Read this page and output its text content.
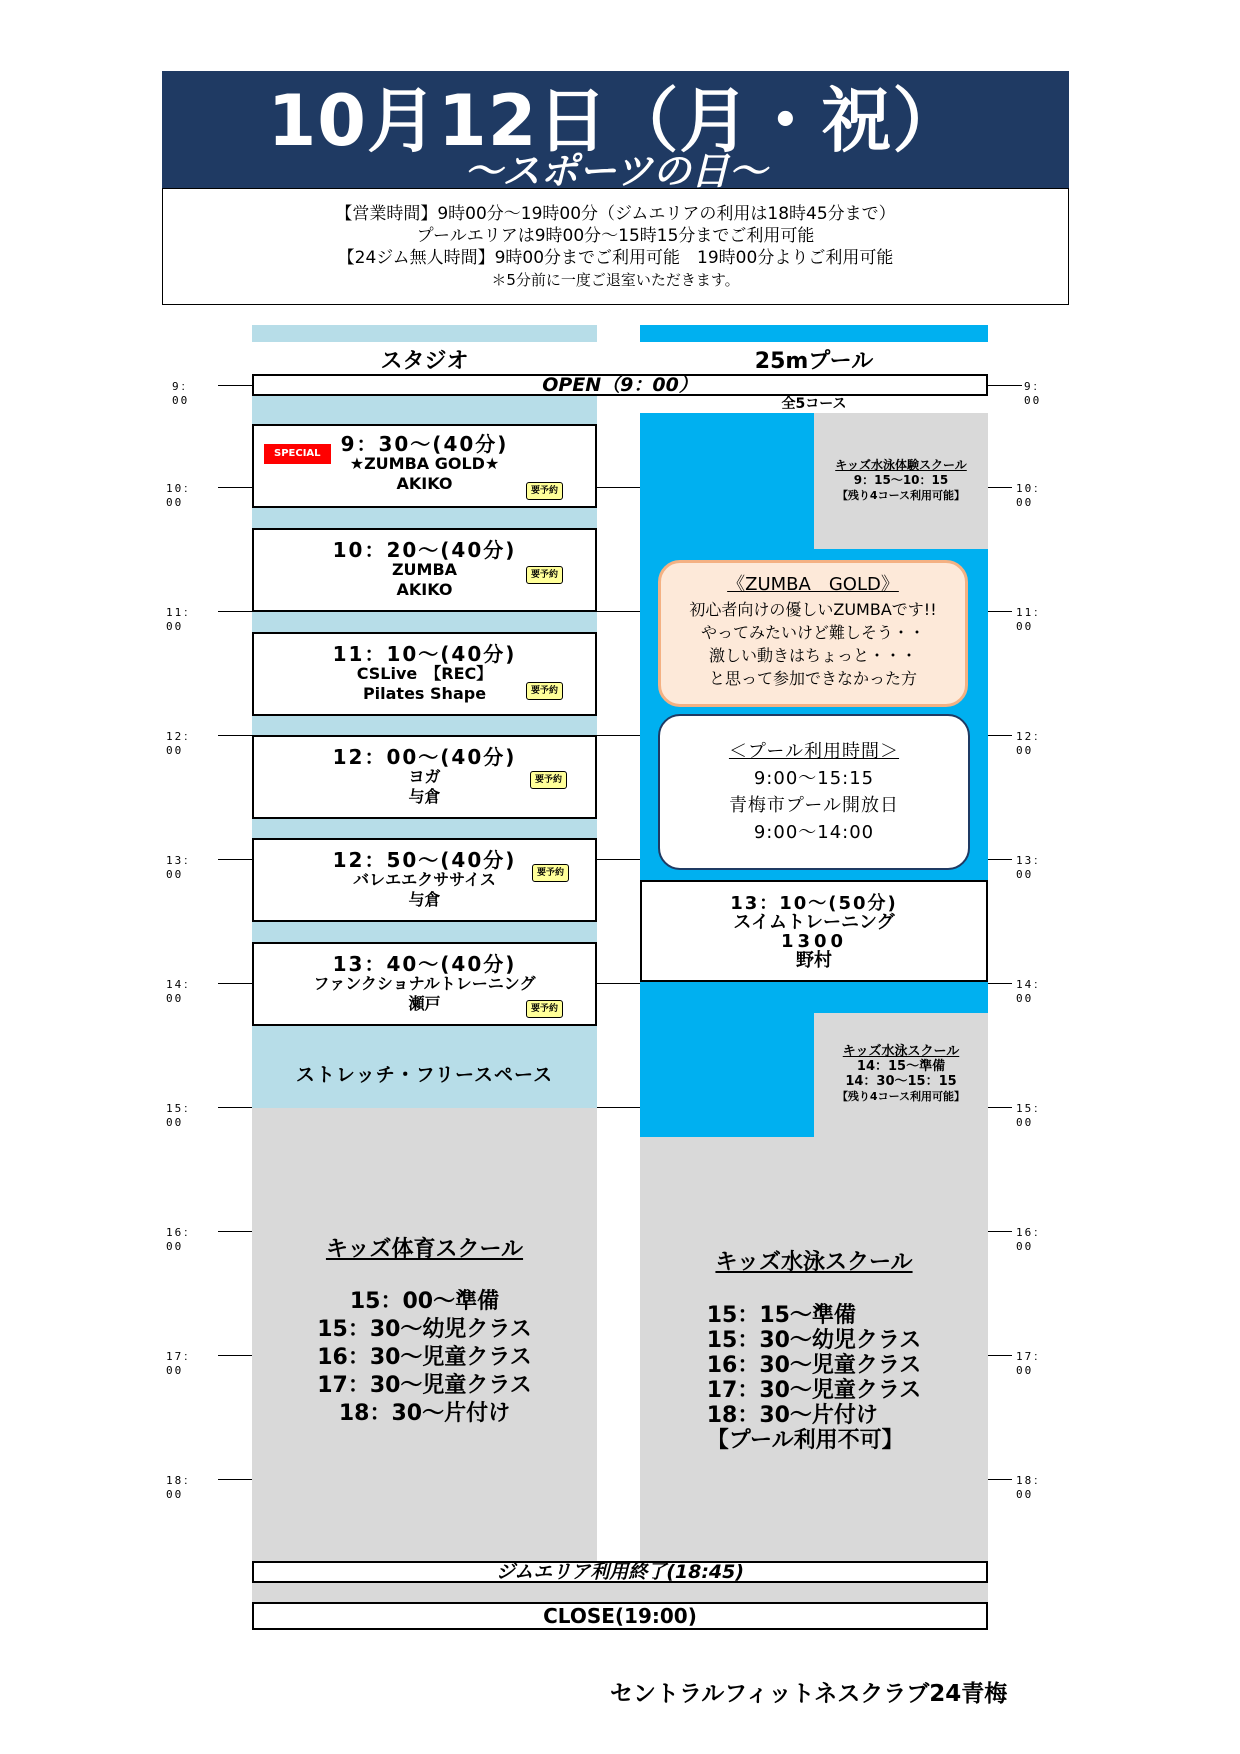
10月12日（月・祝）
～スポーツの日～
【営業時間】9時00分～19時00分（ジムエリアの利用は18時45分まで）
プールエリアは9時00分～15時15分までご利用可能
【24ジム無人時間】9時00分までご利用可能　19時00分よりご利用可能
＊5分前に一度ご退室いただきます。
スタジオ	25mプール
9：00
10：00
11：00
12：00
13：00
14：00
15：00
16：00
17：00
18：00
9：00
10：00
11：00
12：00
13：00
14：00
15：00
16：00
17：00
18：00
OPEN（9：00）
全5コース
SPECIAL	9：30～(40分)
★ZUMBA GOLD★
AKIKO	要予約
10：20～(40分)
ZUMBA
AKIKO
要予約
11：10～(40分)
CSLive　【REC】
Pilates Shape	要予約
12：00～(40分)
ヨガ
与倉
要予約
12：50～(40分)
バレエエクササイス
与倉
要予約
13：40～(40分)
ファンクショナルトレーニング
瀬戸	要予約
ストレッチ・フリースペース
キッズ体育スクール
15：00～準備
15：30～幼児クラス
16：30～児童クラス
17：30～児童クラス
18：30～片付け
キッズ水泳体験スクール
9：15～10：15
【残り4コース利用可能】
《ZUMBA　GOLD》
初心者向けの優しいZUMBAです!!
やってみたいけど難しそう・・
激しい動きはちょっと・・・
と思って参加できなかった方
＜プール利用時間＞
9:00～15:15
青梅市プール開放日
9:00～14:00
13：10～(50分)
スイムトレーニング
1300
野村
キッズ水泳スクール
14：15～準備
14：30～15：15
【残り4コース利用可能】
キッズ水泳スクール
15：15～準備
15：30～幼児クラス
16：30～児童クラス
17：30～児童クラス
18：30～片付け
【プール利用不可】
ジムエリア利用終了(18:45)
CLOSE(19:00)
セントラルフィットネスクラブ24青梅
